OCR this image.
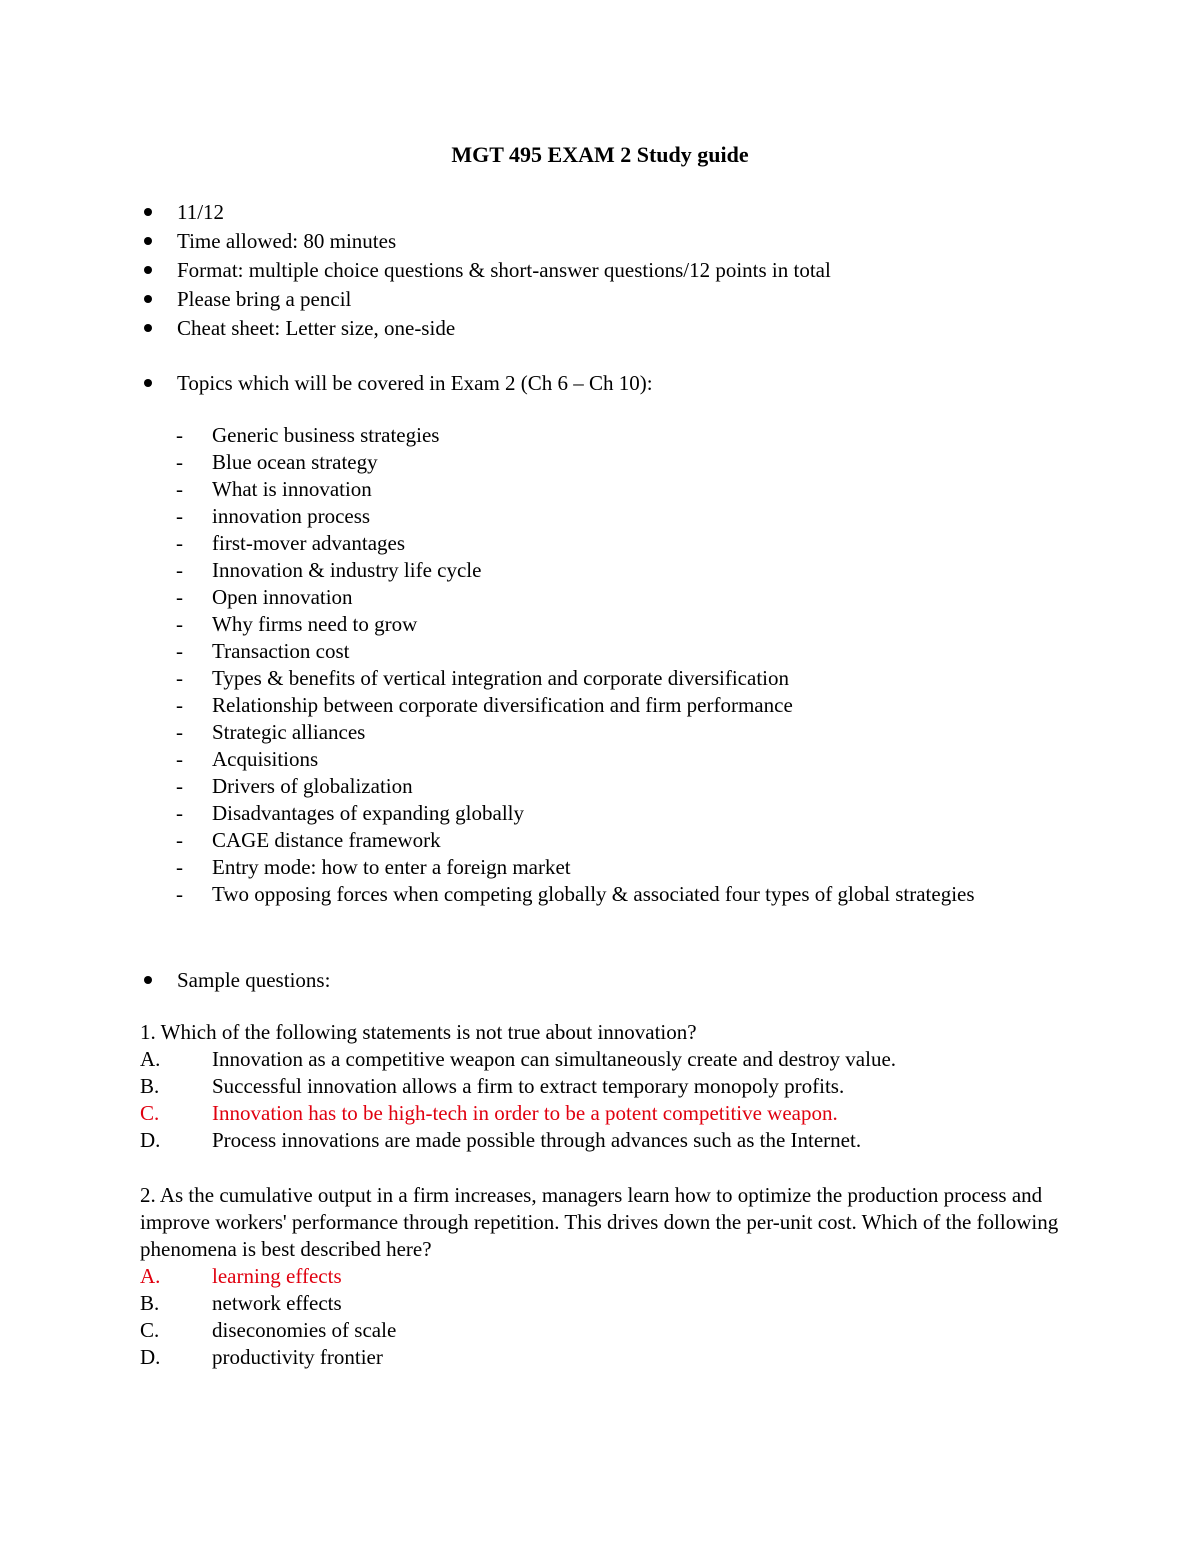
MGT 495 EXAM 2 Study guide
11/12
Time allowed: 80 minutes
Format: multiple choice questions & short-answer questions/12 points in total
Please bring a pencil
Cheat sheet: Letter size, one-side
Topics which will be covered in Exam 2 (Ch 6 – Ch 10):
- Generic business strategies
- Blue ocean strategy
- What is innovation
- innovation process
- first-mover advantages
- Innovation & industry life cycle
- Open innovation
- Why firms need to grow
- Transaction cost
- Types & benefits of vertical integration and corporate diversification
- Relationship between corporate diversification and firm performance
- Strategic alliances
- Acquisitions
- Drivers of globalization
- Disadvantages of expanding globally
- CAGE distance framework
- Entry mode: how to enter a foreign market
- Two opposing forces when competing globally & associated four types of global strategies
Sample questions:

1. Which of the following statements is not true about innovation?

A. Innovation as a competitive weapon can simultaneously create and destroy value.
B.	Successful innovation allows a firm to extract temporary monopoly profits.
C.	Innovation has to be high-tech in order to be a potent competitive weapon.
D. Process innovations are made possible through advances such as the Internet.

2. As the cumulative output in a firm increases, managers learn how to optimize the production process and improve workers' performance through repetition. This drives down the per-unit cost. Which of the following phenomena is best described here?

A. learning effects
B.	network effects
C.	diseconomies of scale
D. productivity frontier
